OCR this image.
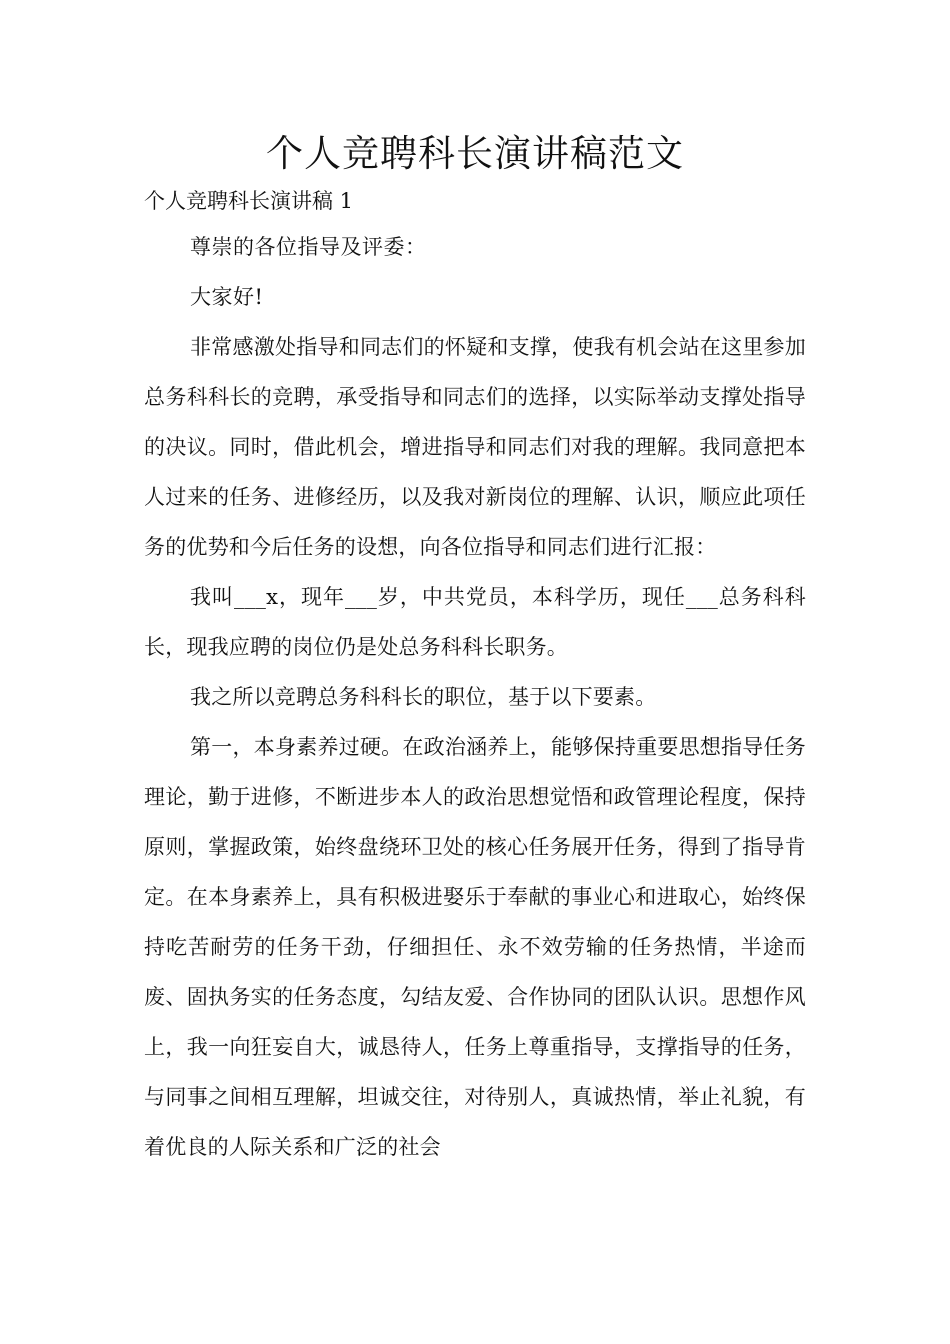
个人竞聘科长演讲稿范文
个人竞聘科长演讲稿 1

尊崇的各位指导及评委：

大家好!

非常感激处指导和同志们的怀疑和支撑，使我有机会站在这里参加总务科科长的竞聘，承受指导和同志们的选择，以实际举动支撑处指导的决议。同时，借此机会，增进指导和同志们对我的理解。我同意把本人过来的任务、进修经历，以及我对新岗位的理解、认识，顺应此项任务的优势和今后任务的设想，向各位指导和同志们进行汇报：

我叫___x，现年___岁，中共党员，本科学历，现任___总务科科长，现我应聘的岗位仍是处总务科科长职务。

我之所以竞聘总务科科长的职位，基于以下要素。

第一，本身素养过硬。在政治涵养上，能够保持重要思想指导任务理论，勤于进修，不断进步本人的政治思想觉悟和政管理论程度，保持原则，掌握政策，始终盘绕环卫处的核心任务展开任务，得到了指导肯定。在本身素养上，具有积极进娶乐于奉献的事业心和进取心，始终保持吃苦耐劳的任务干劲，仔细担任、永不效劳输的任务热情，半途而废、固执务实的任务态度，勾结友爱、合作协同的团队认识。思想作风上，我一向狂妄自大，诚恳待人，任务上尊重指导，支撑指导的任务，与同事之间相互理解，坦诚交往，对待别人，真诚热情，举止礼貌，有着优良的人际关系和广泛的社会
